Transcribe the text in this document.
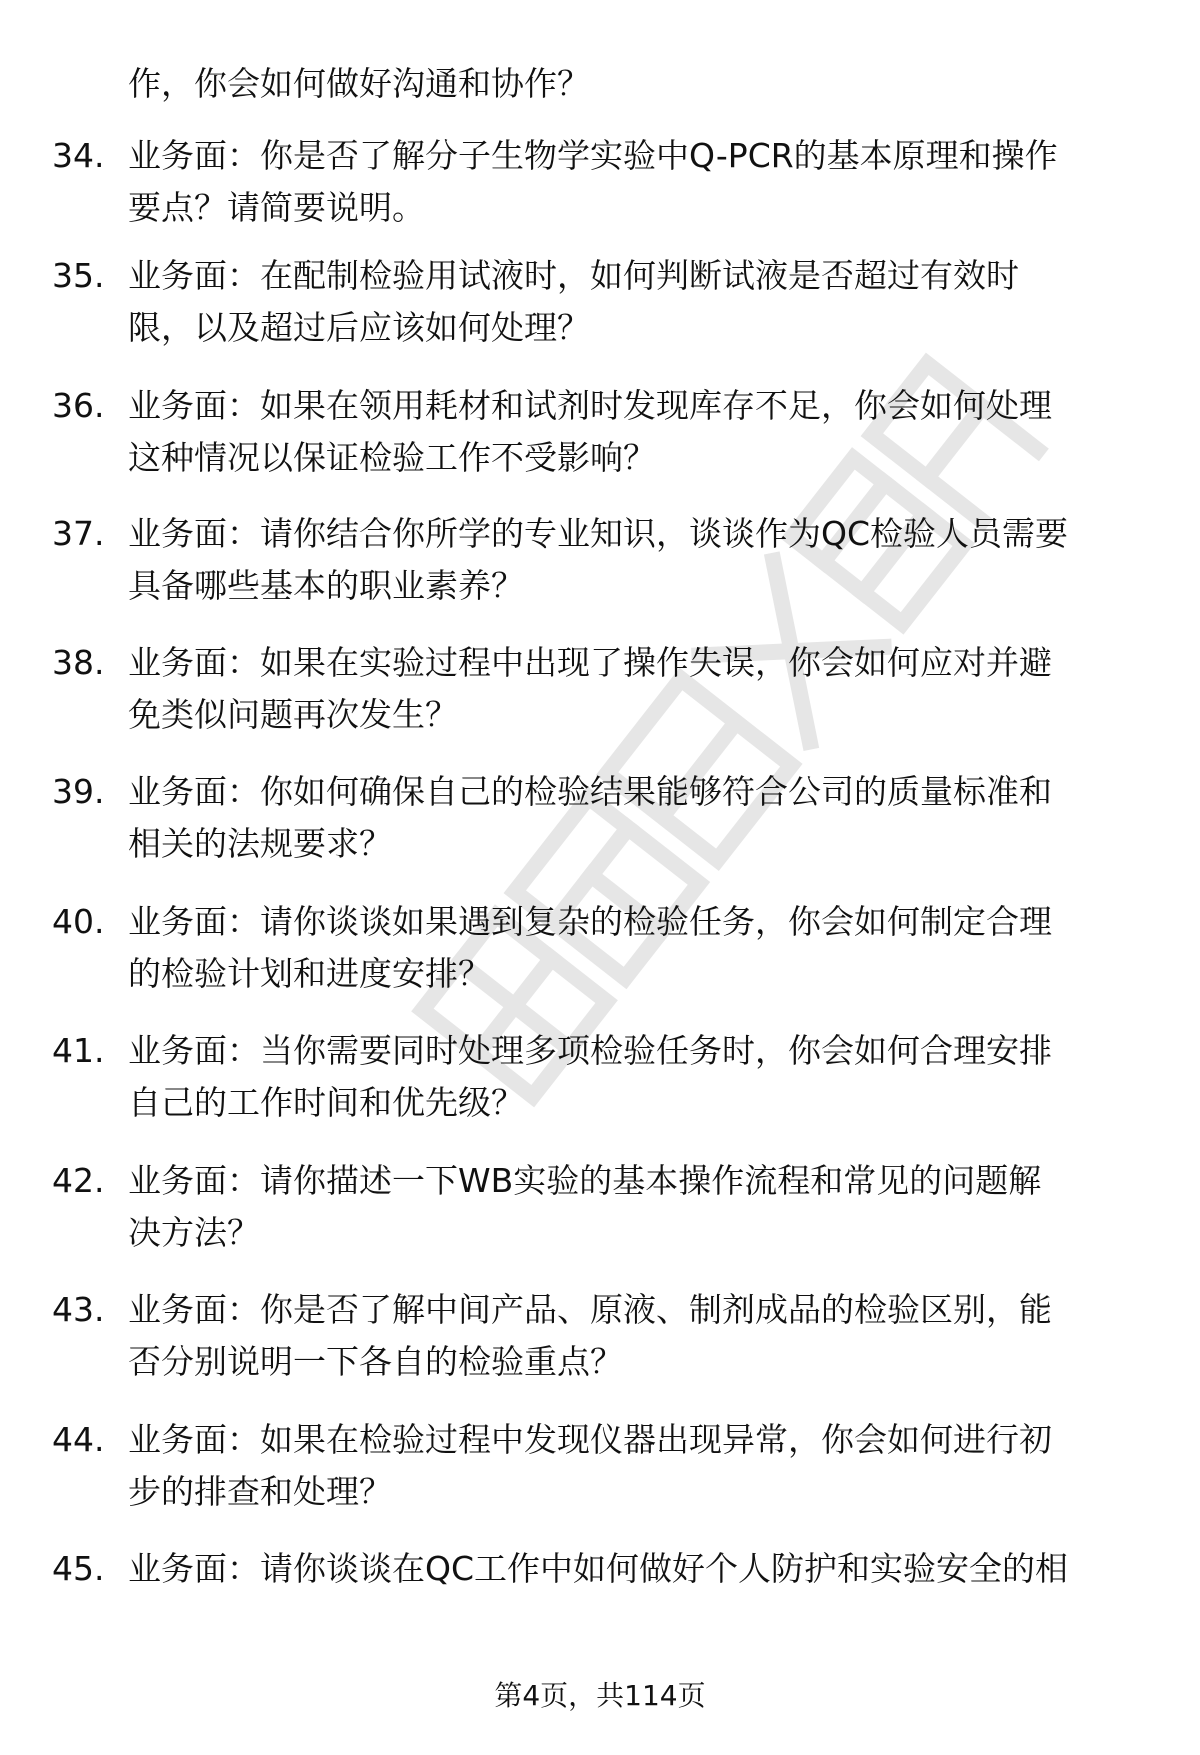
作，你会如何做好沟通和协作？
34. 业务面：你是否了解分子生物学实验中Q-PCR的基本原理和操作
要点？请简要说明。
35. 业务面：在配制检验用试液时，如何判断试液是否超过有效时
限，以及超过后应该如何处理？
36. 业务面：如果在领用耗材和试剂时发现库存不足，你会如何处理
这种情况以保证检验工作不受影响？
37. 业务面：请你结合你所学的专业知识，谈谈作为QC检验人员需要
具备哪些基本的职业素养？
38. 业务面：如果在实验过程中出现了操作失误，你会如何应对并避
免类似问题再次发生？
39. 业务面：你如何确保自己的检验结果能够符合公司的质量标准和
相关的法规要求？
40. 业务面：请你谈谈如果遇到复杂的检验任务，你会如何制定合理
的检验计划和进度安排？
41. 业务面：当你需要同时处理多项检验任务时，你会如何合理安排
自己的工作时间和优先级？
42. 业务面：请你描述一下WB实验的基本操作流程和常见的问题解
决方法？
43. 业务面：你是否了解中间产品、原液、制剂成品的检验区别，能
否分别说明一下各自的检验重点？
44. 业务面：如果在检验过程中发现仪器出现异常，你会如何进行初
步的排查和处理？
45. 业务面：请你谈谈在QC工作中如何做好个人防护和实验安全的相
第4页，共114页
